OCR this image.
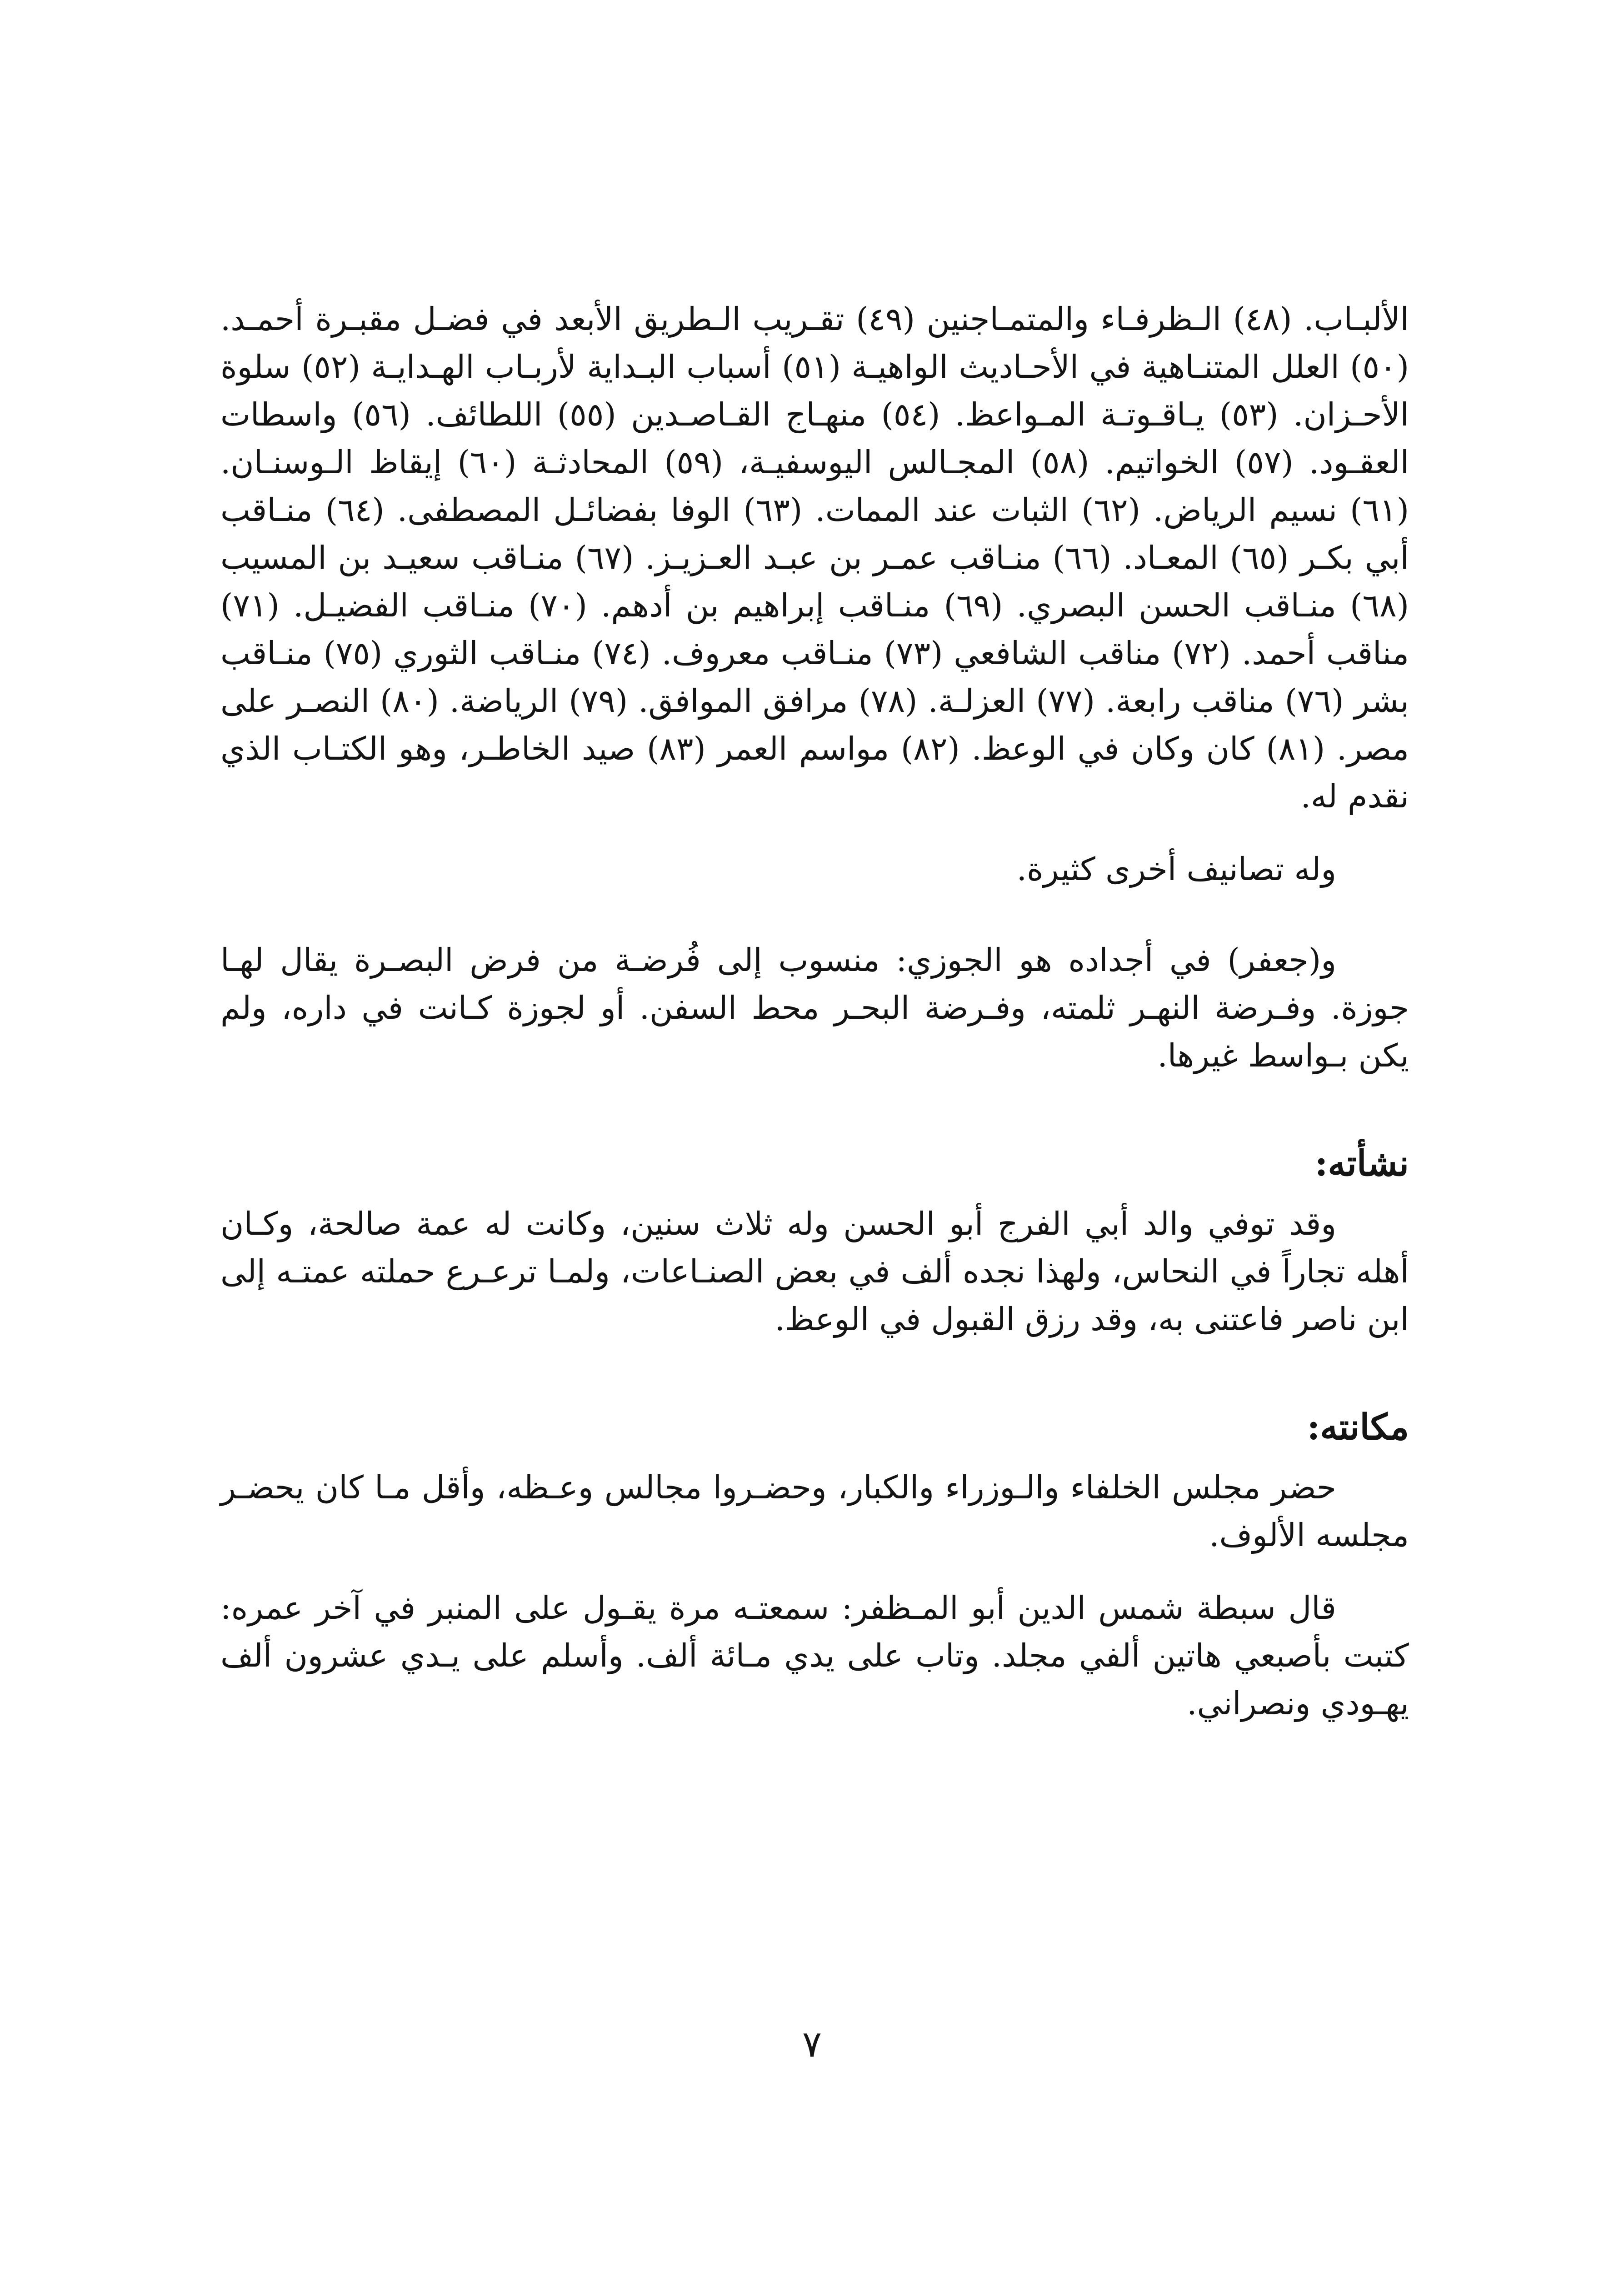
الألبـاب. (٤٨) الـظرفـاء والمتمـاجنين (٤٩) تقـريب الـطريق الأبعد في فضـل مقبـرة أحمـد. (٥٠) العلل المتنـاهية في الأحـاديث الواهيـة (٥١) أسباب البـداية لأربـاب الهـدايـة (٥٢) سلوة الأحـزان. (٥٣) يـاقـوتـة المـواعظ. (٥٤) منهـاج القـاصـدين (٥٥) اللطائف. (٥٦) واسطات العقـود. (٥٧) الخواتيم. (٥٨) المجـالس اليوسفيـة، (٥٩) المحادثـة (٦٠) إيقاظ الـوسنـان. (٦١) نسيم الرياض. (٦٢) الثبات عند الممات. (٦٣) الوفا بفضائـل المصطفى. (٦٤) منـاقب أبي بكـر (٦٥) المعـاد. (٦٦) منـاقب عمـر بن عبـد العـزيـز. (٦٧) منـاقب سعيـد بن المسيب (٦٨) منـاقب الحسن البصري. (٦٩) منـاقب إبراهيم بن أدهم. (٧٠) منـاقب الفضيـل. (٧١) مناقب أحمد. (٧٢) مناقب الشافعي (٧٣) منـاقب معروف. (٧٤) منـاقب الثوري (٧٥) منـاقب بشر (٧٦) مناقب رابعة. (٧٧) العزلـة. (٧٨) مرافق الموافق. (٧٩) الرياضة. (٨٠) النصـر على مصر. (٨١) كان وكان في الوعظ. (٨٢) مواسم العمر (٨٣) صيد الخاطـر، وهو الكتـاب الذي نقدم له.

وله تصانيف أخرى كثيرة.

و(جعفر) في أجداده هو الجوزي: منسوب إلى فُرضـة من فرض البصـرة يقال لهـا جوزة. وفـرضة النهـر ثلمته، وفـرضة البحـر محط السفن. أو لجوزة كـانت في داره، ولم يكن بـواسط غيرها.

نشأته:

وقد توفي والد أبي الفرج أبو الحسن وله ثلاث سنين، وكانت له عمة صالحة، وكـان أهله تجاراً في النحاس، ولهذا نجده ألف في بعض الصنـاعات، ولمـا ترعـرع حملته عمتـه إلى ابن ناصر فاعتنى به، وقد رزق القبول في الوعظ.

مكانته:

حضر مجلس الخلفاء والـوزراء والكبار، وحضـروا مجالس وعـظه، وأقل مـا كان يحضـر مجلسه الألوف.

قال سبطة شمس الدين أبو المـظفر: سمعتـه مرة يقـول على المنبر في آخر عمره: كتبت بأصبعي هاتين ألفي مجلد. وتاب على يدي مـائة ألف. وأسلم على يـدي عشرون ألف يهـودي ونصراني.

٧
